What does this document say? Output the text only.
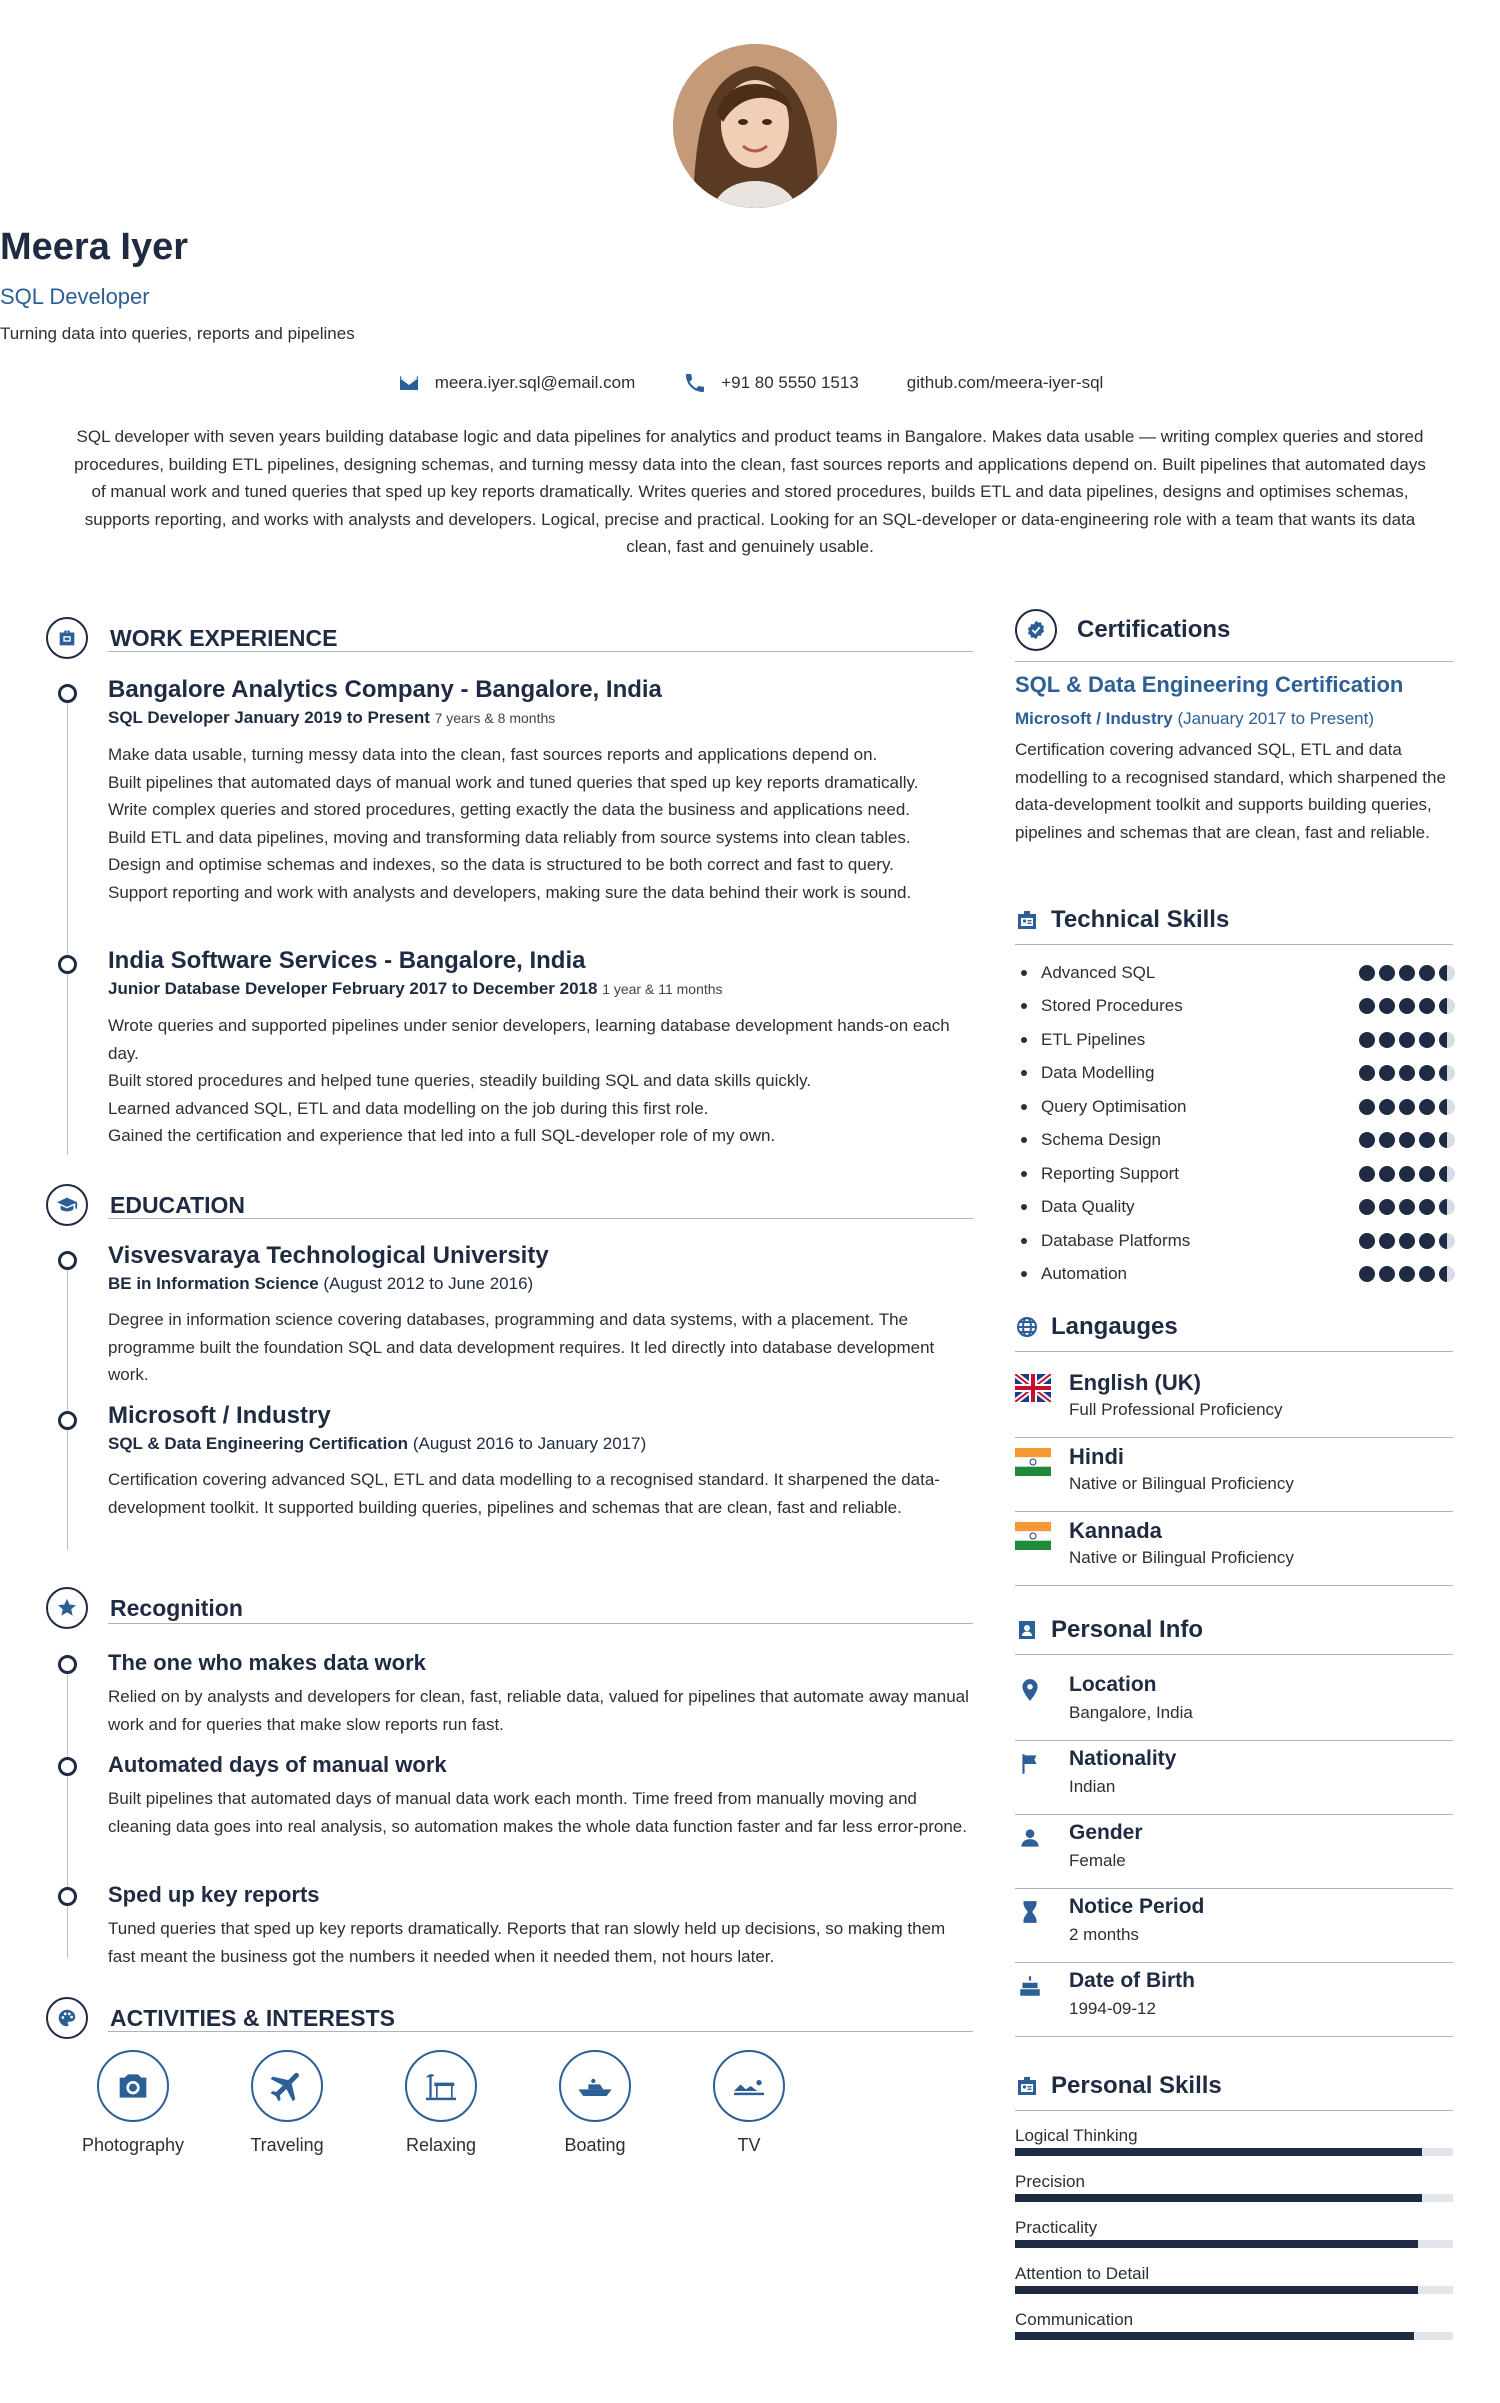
Meera Iyer
SQL Developer
Turning data into queries, reports and pipelines
meera.iyer.sql@email.com	+91 80 5550 1513	github.com/meera-iyer-sql
SQL developer with seven years building database logic and data pipelines for analytics and product teams in Bangalore. Makes data usable — writing complex queries and stored procedures, building ETL pipelines, designing schemas, and turning messy data into the clean, fast sources reports and applications depend on. Built pipelines that automated days of manual work and tuned queries that sped up key reports dramatically. Writes queries and stored procedures, builds ETL and data pipelines, designs and optimises schemas, supports reporting, and works with analysts and developers. Logical, precise and practical. Looking for an SQL-developer or data-engineering role with a team that wants its data clean, fast and genuinely usable.
WORK EXPERIENCE
Bangalore Analytics Company - Bangalore, India
SQL Developer January 2019 to Present 7 years & 8 months
Make data usable, turning messy data into the clean, fast sources reports and applications depend on.
Built pipelines that automated days of manual work and tuned queries that sped up key reports dramatically.
Write complex queries and stored procedures, getting exactly the data the business and applications need.
Build ETL and data pipelines, moving and transforming data reliably from source systems into clean tables.
Design and optimise schemas and indexes, so the data is structured to be both correct and fast to query.
Support reporting and work with analysts and developers, making sure the data behind their work is sound.
India Software Services - Bangalore, India
Junior Database Developer February 2017 to December 2018 1 year & 11 months
Wrote queries and supported pipelines under senior developers, learning database development hands-on each day.
Built stored procedures and helped tune queries, steadily building SQL and data skills quickly.
Learned advanced SQL, ETL and data modelling on the job during this first role.
Gained the certification and experience that led into a full SQL-developer role of my own.
EDUCATION
Visvesvaraya Technological University
BE in Information Science (August 2012 to June 2016)
Degree in information science covering databases, programming and data systems, with a placement. The programme built the foundation SQL and data development requires. It led directly into database development work.
Microsoft / Industry
SQL & Data Engineering Certification (August 2016 to January 2017)
Certification covering advanced SQL, ETL and data modelling to a recognised standard. It sharpened the data-development toolkit. It supported building queries, pipelines and schemas that are clean, fast and reliable.
Recognition
The one who makes data work
Relied on by analysts and developers for clean, fast, reliable data, valued for pipelines that automate away manual work and for queries that make slow reports run fast.
Automated days of manual work
Built pipelines that automated days of manual data work each month. Time freed from manually moving and cleaning data goes into real analysis, so automation makes the whole data function faster and far less error-prone.
Sped up key reports
Tuned queries that sped up key reports dramatically. Reports that ran slowly held up decisions, so making them fast meant the business got the numbers it needed when it needed them, not hours later.
ACTIVITIES & INTERESTS
Photography	Traveling	Relaxing	Boating	TV
Certifications
SQL & Data Engineering Certification
Microsoft / Industry (January 2017 to Present)
Certification covering advanced SQL, ETL and data modelling to a recognised standard, which sharpened the data-development toolkit and supports building queries, pipelines and schemas that are clean, fast and reliable.
Technical Skills
Advanced SQL
Stored Procedures
ETL Pipelines
Data Modelling
Query Optimisation
Schema Design
Reporting Support
Data Quality
Database Platforms
Automation
Langauges
English (UK)
Full Professional Proficiency
Hindi
Native or Bilingual Proficiency
Kannada
Native or Bilingual Proficiency
Personal Info
Location
Bangalore, India
Nationality
Indian
Gender
Female
Notice Period
2 months
Date of Birth
1994-09-12
Personal Skills
Logical Thinking
Precision
Practicality
Attention to Detail
Communication
